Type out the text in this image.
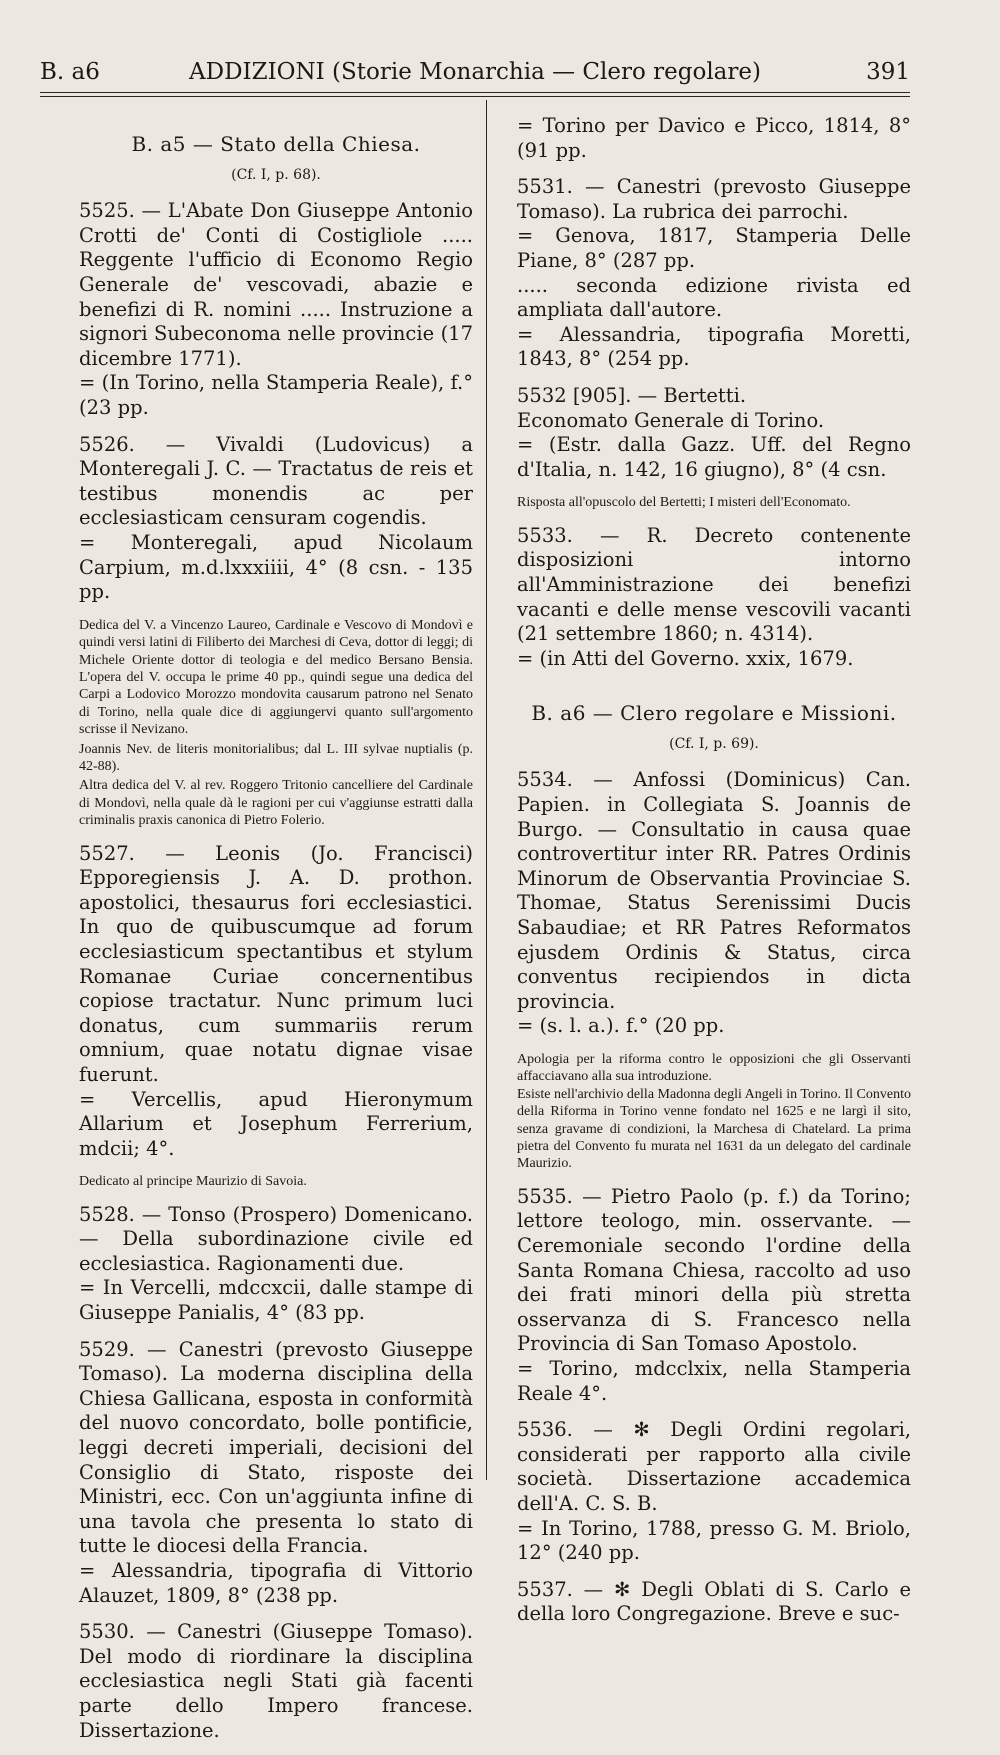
B. a6	ADDIZIONI (Storie Monarchia — Clero regolare)	391
B. a5 — Stato della Chiesa.
(Cf. I, p. 68).

5525. — L'Abate Don Giuseppe Antonio Crotti de' Conti di Costigliole ..... Reggente l'ufficio di Economo Regio Generale de' vescovadi, abazie e benefizi di R. nomini ..... Instruzione a signori Subeconoma nelle provincie (17 dicembre 1771).
= (In Torino, nella Stamperia Reale), f.° (23 pp.

5526. — Vivaldi (Ludovicus) a Monteregali J. C. — Tractatus de reis et testibus monendis ac per ecclesiasticam censuram cogendis.
= Monteregali, apud Nicolaum Carpium, m.d.lxxxiiii, 4° (8 csn. - 135 pp.

Dedica del V. a Vincenzo Laureo, Cardinale e Vescovo di Mondovì e quindi versi latini di Filiberto dei Marchesi di Ceva, dottor di leggi; di Michele Oriente dottor di teologia e del medico Bersano Bensia. L'opera del V. occupa le prime 40 pp., quindi segue una dedica del Carpi a Lodovico Morozzo mondovita causarum patrono nel Senato di Torino, nella quale dice di aggiungervi quanto sull'argomento scrisse il Nevizano.

Joannis Nev. de literis monitorialibus; dal L. III sylvae nuptialis (p. 42-88).

Altra dedica del V. al rev. Roggero Tritonio cancelliere del Cardinale di Mondovì, nella quale dà le ragioni per cui v'aggiunse estratti dalla criminalis praxis canonica di Pietro Folerio.

5527. — Leonis (Jo. Francisci) Epporegiensis J. A. D. prothon. apostolici, thesaurus fori ecclesiastici. In quo de quibuscumque ad forum ecclesiasticum spectantibus et stylum Romanae Curiae concernentibus copiose tractatur. Nunc primum luci donatus, cum summariis rerum omnium, quae notatu dignae visae fuerunt.
= Vercellis, apud Hieronymum Allarium et Josephum Ferrerium, mdcii; 4°.

Dedicato al principe Maurizio di Savoia.

5528. — Tonso (Prospero) Domenicano. — Della subordinazione civile ed ecclesiastica. Ragionamenti due.
= In Vercelli, mdccxcii, dalle stampe di Giuseppe Panialis, 4° (83 pp.

5529. — Canestri (prevosto Giuseppe Tomaso). La moderna disciplina della Chiesa Gallicana, esposta in conformità del nuovo concordato, bolle pontificie, leggi decreti imperiali, decisioni del Consiglio di Stato, risposte dei Ministri, ecc. Con un'aggiunta infine di una tavola che presenta lo stato di tutte le diocesi della Francia.
= Alessandria, tipografia di Vittorio Alauzet, 1809, 8° (238 pp.

5530. — Canestri (Giuseppe Tomaso). Del modo di riordinare la disciplina ecclesiastica negli Stati già facenti parte dello Impero francese. Dissertazione.

= Torino per Davico e Picco, 1814, 8° (91 pp.

5531. — Canestri (prevosto Giuseppe Tomaso). La rubrica dei parrochi.
= Genova, 1817, Stamperia Delle Piane, 8° (287 pp.
..... seconda edizione rivista ed ampliata dall'autore.
= Alessandria, tipografia Moretti, 1843, 8° (254 pp.

5532 [905]. — Bertetti.
Economato Generale di Torino.
= (Estr. dalla Gazz. Uff. del Regno d'Italia, n. 142, 16 giugno), 8° (4 csn.

Risposta all'opuscolo del Bertetti; I misteri dell'Economato.

5533. — R. Decreto contenente disposizioni intorno all'Amministrazione dei benefizi vacanti e delle mense vescovili vacanti (21 settembre 1860; n. 4314).
= (in Atti del Governo. xxix, 1679.

B. a6 — Clero regolare e Missioni.
(Cf. I, p. 69).

5534. — Anfossi (Dominicus) Can. Papien. in Collegiata S. Joannis de Burgo. — Consultatio in causa quae controvertitur inter RR. Patres Ordinis Minorum de Observantia Provinciae S. Thomae, Status Serenissimi Ducis Sabaudiae; et RR Patres Reformatos ejusdem Ordinis & Status, circa conventus recipiendos in dicta provincia.
= (s. l. a.). f.° (20 pp.

Apologia per la riforma contro le opposizioni che gli Osservanti affacciavano alla sua introduzione.
Esiste nell'archivio della Madonna degli Angeli in Torino. Il Convento della Riforma in Torino venne fondato nel 1625 e ne largì il sito, senza gravame di condizioni, la Marchesa di Chatelard. La prima pietra del Convento fu murata nel 1631 da un delegato del cardinale Maurizio.

5535. — Pietro Paolo (p. f.) da Torino; lettore teologo, min. osservante. — Ceremoniale secondo l'ordine della Santa Romana Chiesa, raccolto ad uso dei frati minori della più stretta osservanza di S. Francesco nella Provincia di San Tomaso Apostolo.
= Torino, mdcclxix, nella Stamperia Reale 4°.

5536. — ✻ Degli Ordini regolari, considerati per rapporto alla civile società. Dissertazione accademica dell'A. C. S. B.
= In Torino, 1788, presso G. M. Briolo, 12° (240 pp.

5537. — ✻ Degli Oblati di S. Carlo e della loro Congregazione. Breve e suc-
